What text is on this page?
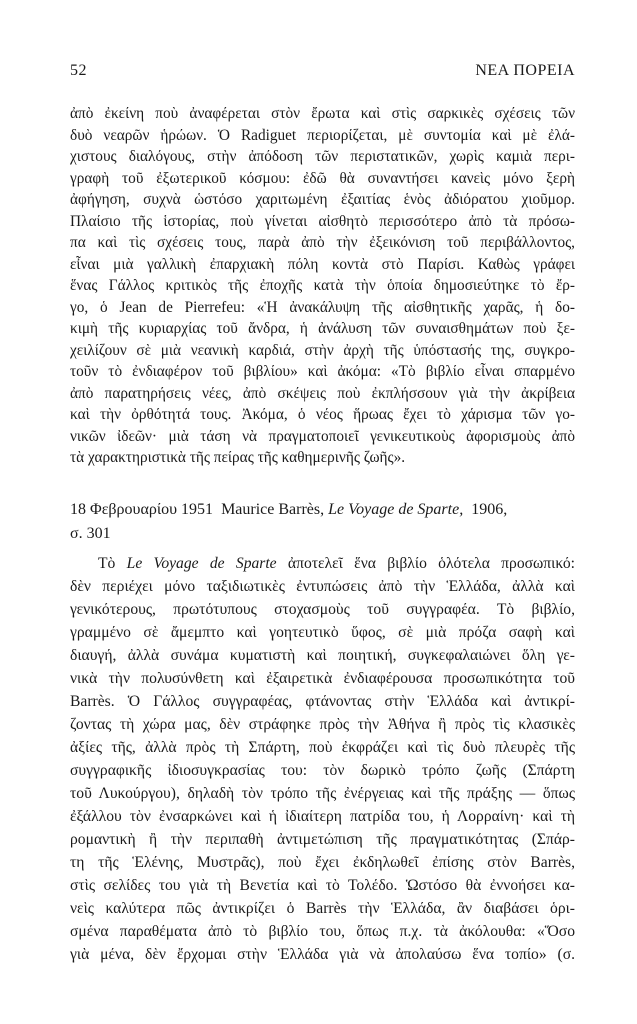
52	ΝΕΑ ΠΟΡΕΙΑ
ἀπὸ ἐκείνη ποὺ ἀναφέρεται στὸν ἔρωτα καὶ στὶς σαρκικὲς σχέσεις τῶν
δυὸ νεαρῶν ἡρώων. Ὁ Radiguet περιορίζεται, μὲ συντομία καὶ μὲ ἐλά-
χιστους διαλόγους, στὴν ἀπόδοση τῶν περιστατικῶν, χωρὶς καμιὰ περι-
γραφὴ τοῦ ἐξωτερικοῦ κόσμου: ἐδῶ θὰ συναντήσει κανεὶς μόνο ξερὴ
ἀφήγηση, συχνὰ ὡστόσο χαριτωμένη ἐξαιτίας ἑνὸς ἀδιόρατου χιοῦμορ.
Πλαίσιο τῆς ἱστορίας, ποὺ γίνεται αἰσθητὸ περισσότερο ἀπὸ τὰ πρόσω-
πα καὶ τὶς σχέσεις τους, παρὰ ἀπὸ τὴν ἐξεικόνιση τοῦ περιβάλλοντος,
εἶναι μιὰ γαλλικὴ ἐπαρχιακὴ πόλη κοντὰ στὸ Παρίσι. Καθὼς γράφει
ἕνας Γάλλος κριτικὸς τῆς ἐποχῆς κατὰ τὴν ὁποία δημοσιεύτηκε τὸ ἔρ-
γο, ὁ Jean de Pierrefeu: «Ἡ ἀνακάλυψη τῆς αἰσθητικῆς χαρᾶς, ἡ δο-
κιμὴ τῆς κυριαρχίας τοῦ ἄνδρα, ἡ ἀνάλυση τῶν συναισθημάτων ποὺ ξε-
χειλίζουν σὲ μιὰ νεανικὴ καρδιά, στὴν ἀρχὴ τῆς ὑπόστασής της, συγκρο-
τοῦν τὸ ἐνδιαφέρον τοῦ βιβλίου» καὶ ἀκόμα: «Τὸ βιβλίο εἶναι σπαρμένο
ἀπὸ παρατηρήσεις νέες, ἀπὸ σκέψεις ποὺ ἐκπλήσσουν γιὰ τὴν ἀκρίβεια
καὶ τὴν ὀρθότητά τους. Ἀκόμα, ὁ νέος ἥρωας ἔχει τὸ χάρισμα τῶν γο-
νικῶν ἰδεῶν· μιὰ τάση νὰ πραγματοποιεῖ γενικευτικοὺς ἀφορισμοὺς ἀπὸ
τὰ χαρακτηριστικὰ τῆς πείρας τῆς καθημερινῆς ζωῆς».
18 Φεβρουαρίου 1951 Maurice Barrès, Le Voyage de Sparte, 1906,
σ. 301
Τὸ Le Voyage de Sparte ἀποτελεῖ ἕνα βιβλίο ὁλότελα προσωπικό:
δὲν περιέχει μόνο ταξιδιωτικὲς ἐντυπώσεις ἀπὸ τὴν Ἑλλάδα, ἀλλὰ καὶ
γενικότερους, πρωτότυπους στοχασμοὺς τοῦ συγγραφέα. Τὸ βιβλίο,
γραμμένο σὲ ἄμεμπτο καὶ γοητευτικὸ ὕφος, σὲ μιὰ πρόζα σαφὴ καὶ
διαυγή, ἀλλὰ συνάμα κυματιστὴ καὶ ποιητική, συγκεφαλαιώνει ὅλη γε-
νικὰ τὴν πολυσύνθετη καὶ ἐξαιρετικὰ ἐνδιαφέρουσα προσωπικότητα τοῦ
Barrès. Ὁ Γάλλος συγγραφέας, φτάνοντας στὴν Ἑλλάδα καὶ ἀντικρί-
ζοντας τὴ χώρα μας, δὲν στράφηκε πρὸς τὴν Ἀθήνα ἢ πρὸς τὶς κλασικὲς
ἀξίες τῆς, ἀλλὰ πρὸς τὴ Σπάρτη, ποὺ ἐκφράζει καὶ τὶς δυὸ πλευρὲς τῆς
συγγραφικῆς ἰδιοσυγκρασίας του: τὸν δωρικὸ τρόπο ζωῆς (Σπάρτη
τοῦ Λυκούργου), δηλαδὴ τὸν τρόπο τῆς ἐνέργειας καὶ τῆς πράξης — ὅπως
ἐξάλλου τὸν ἐνσαρκώνει καὶ ἡ ἰδιαίτερη πατρίδα του, ἡ Λορραίνη· καὶ τὴ
ρομαντικὴ ἢ τὴν περιπαθὴ ἀντιμετώπιση τῆς πραγματικότητας (Σπάρ-
τη τῆς Ἑλένης, Μυστρᾶς), ποὺ ἔχει ἐκδηλωθεῖ ἐπίσης στὸν Barrès,
στὶς σελίδες του γιὰ τὴ Βενετία καὶ τὸ Τολέδο. Ὡστόσο θὰ ἐννοήσει κα-
νεὶς καλύτερα πῶς ἀντικρίζει ὁ Barrès τὴν Ἑλλάδα, ἂν διαβάσει ὁρι-
σμένα παραθέματα ἀπὸ τὸ βιβλίο του, ὅπως π.χ. τὰ ἀκόλουθα: «Ὅσο
γιὰ μένα, δὲν ἔρχομαι στὴν Ἑλλάδα γιὰ νὰ ἀπολαύσω ἕνα τοπίο» (σ.
